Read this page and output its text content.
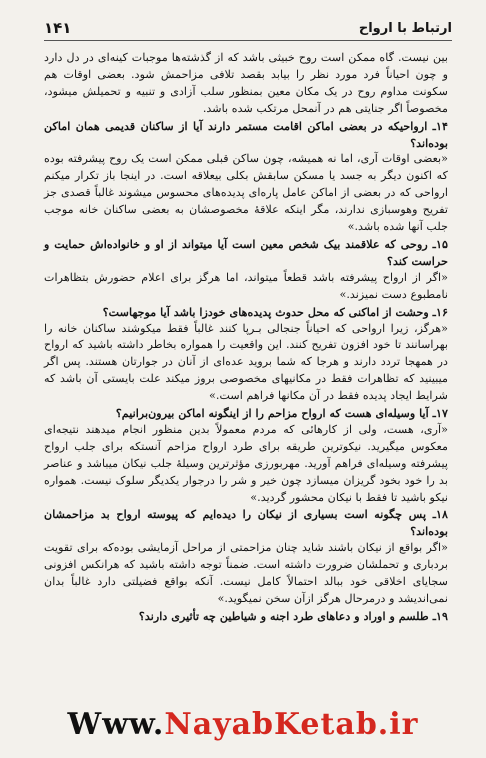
ارتباط با ارواح
۱۴۱

بین نیست. گاه ممکن است روح خبیثی باشد که از گذشته‌ها موجبات کینه‌ای در دل دارد و چون احیاناً فرد مورد نظر را بیابد بقصد تلافی مزاحمش شود. بعضی اوقات هم سکونت مداوم روح در یک مکان معین بمنظور سلب آزادی و تنبیه و تحمیلش میشود، مخصوصاً اگر جنایتی هم در آنمحل مرتکب شده باشد.

۱۴ـ ارواحیکه در بعضی اماکن اقامت مستمر دارند آیا از ساکنان قدیمی همان اماکن بوده‌اند؟

«بعضی اوقات آری، اما نه همیشه، چون ساکن قبلی ممکن است یک روح پیشرفته بوده که اکنون دیگر به جسد یا مسکن سابقش بکلی بیعلاقه است. در اینجا باز تکرار میکنم ارواحی که در بعضی از اماکن عامل پاره‌ای پدیده‌های محسوس میشوند غالباً قصدی جز تفریح وهوسبازی ندارند، مگر اینکه علاقهٔ مخصوصشان به بعضی ساکنان خانه موجب جلب آنها شده باشد.»

۱۵ـ روحی که علاقمند بیک شخص معین است آیا میتواند از او و خانواده‌اش حمایت و حراست کند؟

«اگر از ارواح پیشرفته باشد قطعاً میتواند، اما هرگز برای اعلام حضورش بتظاهرات نامطبوع دست نمیزند.»

۱۶ـ وحشت از اماکنی که محل حدوث پدیده‌های خودزا باشد آیا موجهاست؟

«هرگز، زیرا ارواحی که احیاناً جنجالی بـرپا کنند غالباً فقط میکوشند ساکنان خانه را بهراسانند تا خود افزون تفریح کنند. این واقعیت را همواره بخاطر داشته باشید که ارواح در همهجا تردد دارند و هرجا که شما بروید عده‌ای از آنان در جوارتان هستند. پس اگر میبینید که تظاهرات فقط در مکانیهای مخصوصی بروز میکند علت بایستی آن باشد که شرایط ایجاد پدیده فقط در آن مکانها فراهم است.»

۱۷ـ آیا وسیله‌ای هست که ارواح مزاحم را از اینگونه اماکن بیرون‌برانیم؟

«آری، هست، ولی از کارهائی که مردم معمولاً بدین منظور انجام میدهند نتیجه‌ای معکوس میگیرید. نیکوترین طریقه برای طرد ارواح مزاحم آنستکه برای جلب ارواح پیشرفته وسیله‌ای فراهم آورید. مهربورزی مؤثرترین وسیلهٔ جلب نیکان میباشد و عناصر بد را خود بخود گریزان میسازد چون خیر و شر را درجوار یکدیگر سلوک نیست. همواره نیکو باشید تا فقط با نیکان محشور گردید.»

۱۸ـ پس چگونه است بسیاری از نیکان را دیده‌ایم که پیوسته ارواح بد مزاحمشان بوده‌اند؟

«اگر بواقع از نیکان باشند شاید چنان مزاحمتی از مراحل آزمایشی بوده‌که برای تقویت بردباری و تحملشان ضرورت داشته است. ضمناً توجه داشته باشید که هرانکس افزونی سجایای اخلاقی خود ببالد احتمالاً کامل نیست. آنکه بواقع فضیلتی دارد غالباً بدان نمی‌اندیشد و درمرحال هرگز ازآن سخن نمیگوید.»

۱۹ـ طلسم و اوراد و دعاهای طرد اجنه و شیاطین چه تأثیری دارند؟

Www. NayabKetab.ir
